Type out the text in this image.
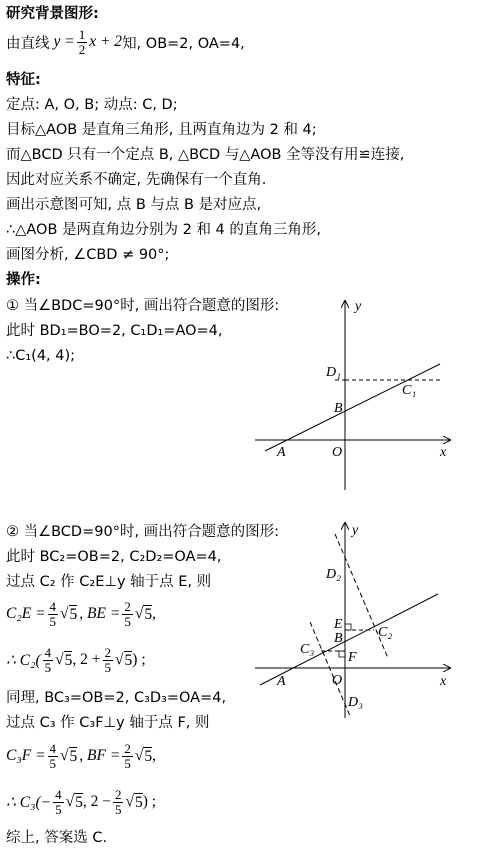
研究背景图形:
由直线 $y = \frac{1}{2}$ x + 2 知, OB=2, OA=4,
特征:
定点: A, O, B; 动点: C, D;
目标△AOB 是直角三角形, 且两直角边为 2 和 4;
而△BCD 只有一个定点 B, △BCD 与△AOB 全等没有用≌连接,
因此对应关系不确定, 先确保有一个直角.
画出示意图可知, 点 B 与点 B 是对应点,
∴△AOB 是两直角边分别为 2 和 4 的直角三角形,
画图分析, ∠CBD ≠ 90°;
操作:
① 当∠BDC=90°时, 画出符合题意的图形:
此时 BD₁=BO=2, C₁D₁=AO=4,
∴C₁(4, 4);
y
x
O
A
B
D₁
C₁
② 当∠BCD=90°时, 画出符合题意的图形:
此时 BC₂=OB=2, C₂D₂=OA=4,
过点 C₂ 作 C₂E⊥y 轴于点 E, 则
$C_2E = \frac{4}{5}$ √ 5 , BE = $\frac{2}{5}$ √ 5 ,
∴ $C_2( \frac{4}{5}$ √ 5 , $2 + \frac{2}{5}$ √ 5 ) ;
同理, BC₃=OB=2, C₃D₃=OA=4,
过点 C₃ 作 C₃F⊥y 轴于点 F, 则
$C_3F = \frac{4}{5}$ √ 5 , BF = $\frac{2}{5}$ √ 5 ,
∴ $C_3(- \frac{4}{5}$ √ 5 , $2 - \frac{2}{5}$ √ 5 ) ;
综上, 答案选 C.
y
x
O
A
B
D₂
C₂
E
C₃
F
D₃
